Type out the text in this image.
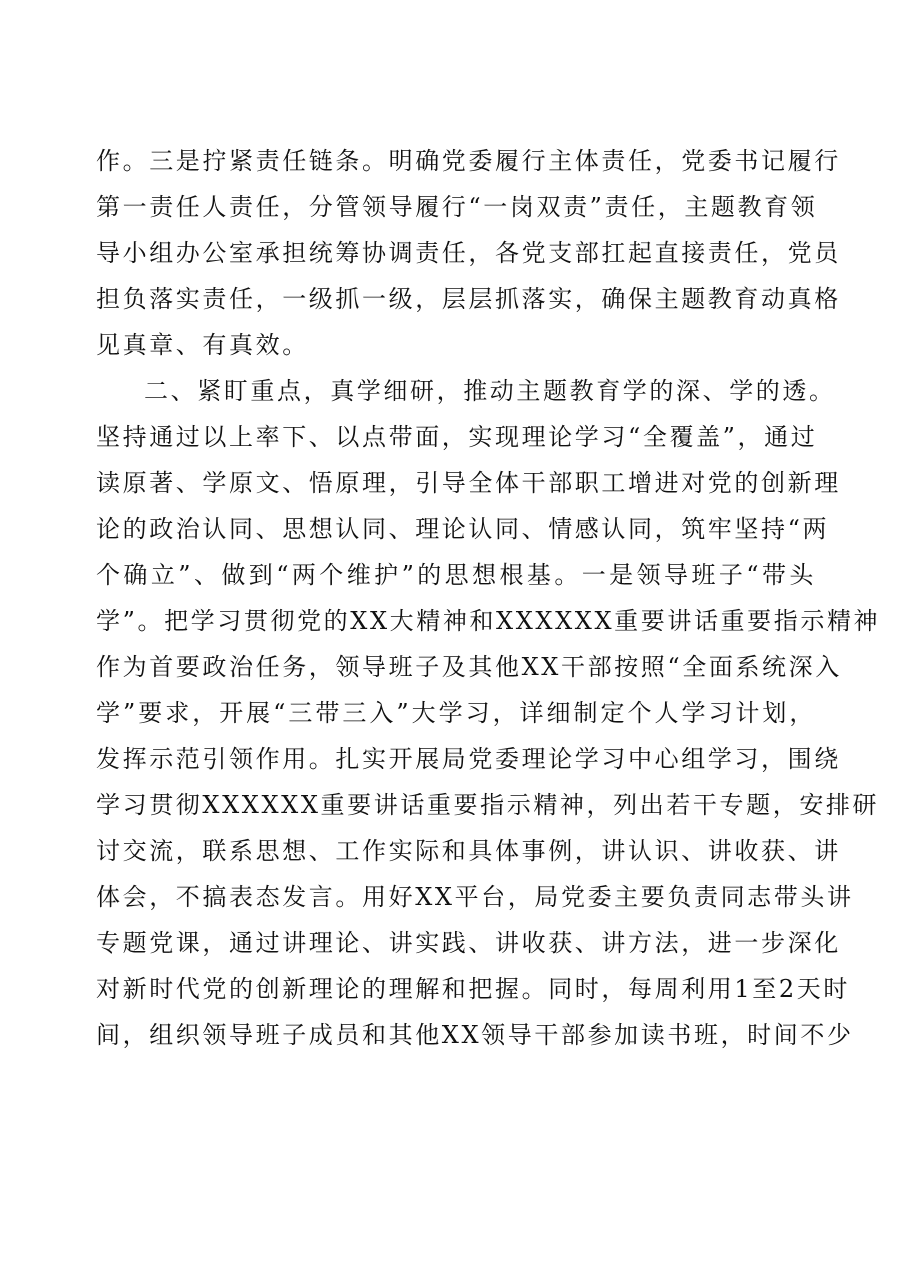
作。三是拧紧责任链条。明确党委履行主体责任，党委书记履行
第一责任人责任，分管领导履行“一岗双责”责任，主题教育领
导小组办公室承担统筹协调责任，各党支部扛起直接责任，党员
担负落实责任，一级抓一级，层层抓落实，确保主题教育动真格
见真章、有真效。
二、紧盯重点，真学细研，推动主题教育学的深、学的透。
坚持通过以上率下、以点带面，实现理论学习“全覆盖”，通过
读原著、学原文、悟原理，引导全体干部职工增进对党的创新理
论的政治认同、思想认同、理论认同、情感认同，筑牢坚持“两
个确立”、做到“两个维护”的思想根基。一是领导班子“带头
学”。把学习贯彻党的XX大精神和XXXXXX重要讲话重要指示精神
作为首要政治任务，领导班子及其他XX干部按照“全面系统深入
学”要求，开展“三带三入”大学习，详细制定个人学习计划，
发挥示范引领作用。扎实开展局党委理论学习中心组学习，围绕
学习贯彻XXXXXX重要讲话重要指示精神，列出若干专题，安排研
讨交流，联系思想、工作实际和具体事例，讲认识、讲收获、讲
体会，不搞表态发言。用好XX平台，局党委主要负责同志带头讲
专题党课，通过讲理论、讲实践、讲收获、讲方法，进一步深化
对新时代党的创新理论的理解和把握。同时，每周利用1至2天时
间，组织领导班子成员和其他XX领导干部参加读书班，时间不少
